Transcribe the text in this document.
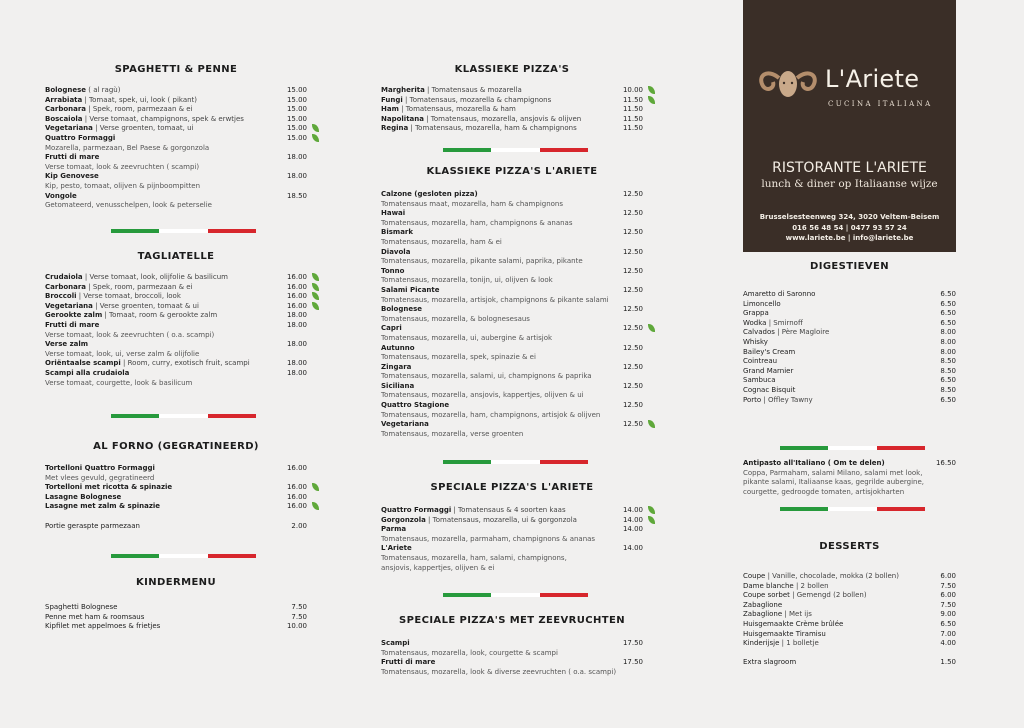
SPAGHETTI & PENNE

Bolognese ( al ragù)	15.00
Arrabiata | Tomaat, spek, ui, look ( pikant)	15.00
Carbonara | Spek, room, parmezaan & ei	15.00
Boscaiola | Verse tomaat, champignons, spek & erwtjes	15.00
Vegetariana | Verse groenten, tomaat, ui	15.00
Quattro Formaggi	15.00
Mozarella, parmezaan, Bel Paese & gorgonzola
Frutti di mare	18.00
Verse tomaat, look & zeevruchten ( scampi)
Kip Genovese	18.00
Kip, pesto, tomaat, olijven & pijnboompitten
Vongole	18.50
Getomateerd, venusschelpen, look & peterselie

TAGLIATELLE

Crudaiola | Verse tomaat, look, olijfolie & basilicum	16.00
Carbonara | Spek, room, parmezaan & ei	16.00
Broccoli | Verse tomaat, broccoli, look	16.00
Vegetariana | Verse groenten, tomaat & ui	16.00
Gerookte zalm | Tomaat, room & gerookte zalm	18.00
Frutti di mare	18.00
Verse tomaat, look & zeevruchten ( o.a. scampi)
Verse zalm	18.00
Verse tomaat, look, ui, verse zalm & olijfolie
Oriëntaalse scampi | Room, curry, exotisch fruit, scampi	18.00
Scampi alla crudaiola	18.00
Verse tomaat, courgette, look & basilicum

AL FORNO (GEGRATINEERD)

Tortelloni Quattro Formaggi	16.00
Met vlees gevuld, gegratineerd
Tortelloni met ricotta & spinazie	16.00
Lasagne Bolognese	16.00
Lasagne met zalm & spinazie	16.00
Portie geraspte parmezaan	2.00

KINDERMENU

Spaghetti Bolognese	7.50
Penne met ham & roomsaus	7.50
Kipfilet met appelmoes & frietjes	10.00

KLASSIEKE PIZZA'S

Margherita | Tomatensaus & mozarella	10.00
Fungi | Tomatensaus, mozarella & champignons	11.50
Ham | Tomatensaus, mozarella & ham	11.50
Napolitana | Tomatensaus, mozarella, ansjovis & olijven	11.50
Regina | Tomatensaus, mozarella, ham & champignons	11.50

KLASSIEKE PIZZA'S L'ARIETE

Calzone (gesloten pizza)	12.50
Tomatensaus maat, mozarella, ham & champignons
Hawai	12.50
Tomatensaus, mozarella, ham, champignons & ananas
Bismark	12.50
Tomatensaus, mozarella, ham & ei
Diavola	12.50
Tomatensaus, mozarella, pikante salami, paprika, pikante
Tonno	12.50
Tomatensaus, mozarella, tonijn, ui, olijven & look
Salami Picante	12.50
Tomatensaus, mozarella, artisjok, champignons & pikante salami
Bolognese	12.50
Tomatensaus, mozarella, & bolognesesaus
Capri	12.50
Tomatensaus, mozarella, ui, aubergine & artisjok
Autunno	12.50
Tomatensaus, mozarella, spek, spinazie & ei
Zingara	12.50
Tomatensaus, mozarella, salami, ui, champignons & paprika
Siciliana	12.50
Tomatensaus, mozarella, ansjovis, kappertjes, olijven & ui
Quattro Stagione	12.50
Tomatensaus, mozarella, ham, champignons, artisjok & olijven
Vegetariana	12.50
Tomatensaus, mozarella, verse groenten

SPECIALE PIZZA'S L'ARIETE

Quattro Formaggi | Tomatensaus & 4 soorten kaas	14.00
Gorgonzola | Tomatensaus, mozarella, ui & gorgonzola	14.00
Parma	14.00
Tomatensaus, mozarella, parmaham, champignons & ananas
L'Ariete	14.00
Tomatensaus, mozarella, ham, salami, champignons,
ansjovis, kappertjes, olijven & ei

SPECIALE PIZZA'S MET ZEEVRUCHTEN

Scampi	17.50
Tomatensaus, mozarella, look, courgette & scampi
Frutti di mare	17.50
Tomatensaus, mozarella, look & diverse zeevruchten ( o.a. scampi)
L'Ariete
CUCINA ITALIANA
RISTORANTE L'ARIETE
lunch & diner op Italiaanse wijze
Brusselsesteenweg 324, 3020 Veltem-Beisem
016 56 48 54 | 0477 93 57 24
www.lariete.be | info@lariete.be

DIGESTIEVEN

Amaretto di Saronno	6.50
Limoncello	6.50
Grappa	6.50
Wodka | Smirnoff	6.50
Calvados | Père Magloire	8.00
Whisky	8.00
Bailey's Cream	8.00
Cointreau	8.50
Grand Marnier	8.50
Sambuca	6.50
Cognac Bisquit	8.50
Porto | Offley Tawny	6.50
Antipasto all'Italiano ( Om te delen)	16.50
Coppa, Parmaham, salami Milano, salami met look,
pikante salami, Italiaanse kaas, gegrilde aubergine,
courgette, gedroogde tomaten, artisjokharten

DESSERTS

Coupe | Vanille, chocolade, mokka (2 bollen)	6.00
Dame blanche | 2 bollen	7.50
Coupe sorbet | Gemengd (2 bollen)	6.00
Zabaglione	7.50
Zabaglione | Met ijs	9.00
Huisgemaakte Crème brûlée	6.50
Huisgemaakte Tiramisu	7.00
Kinderijsje | 1 bolletje	4.00
Extra slagroom	1.50
